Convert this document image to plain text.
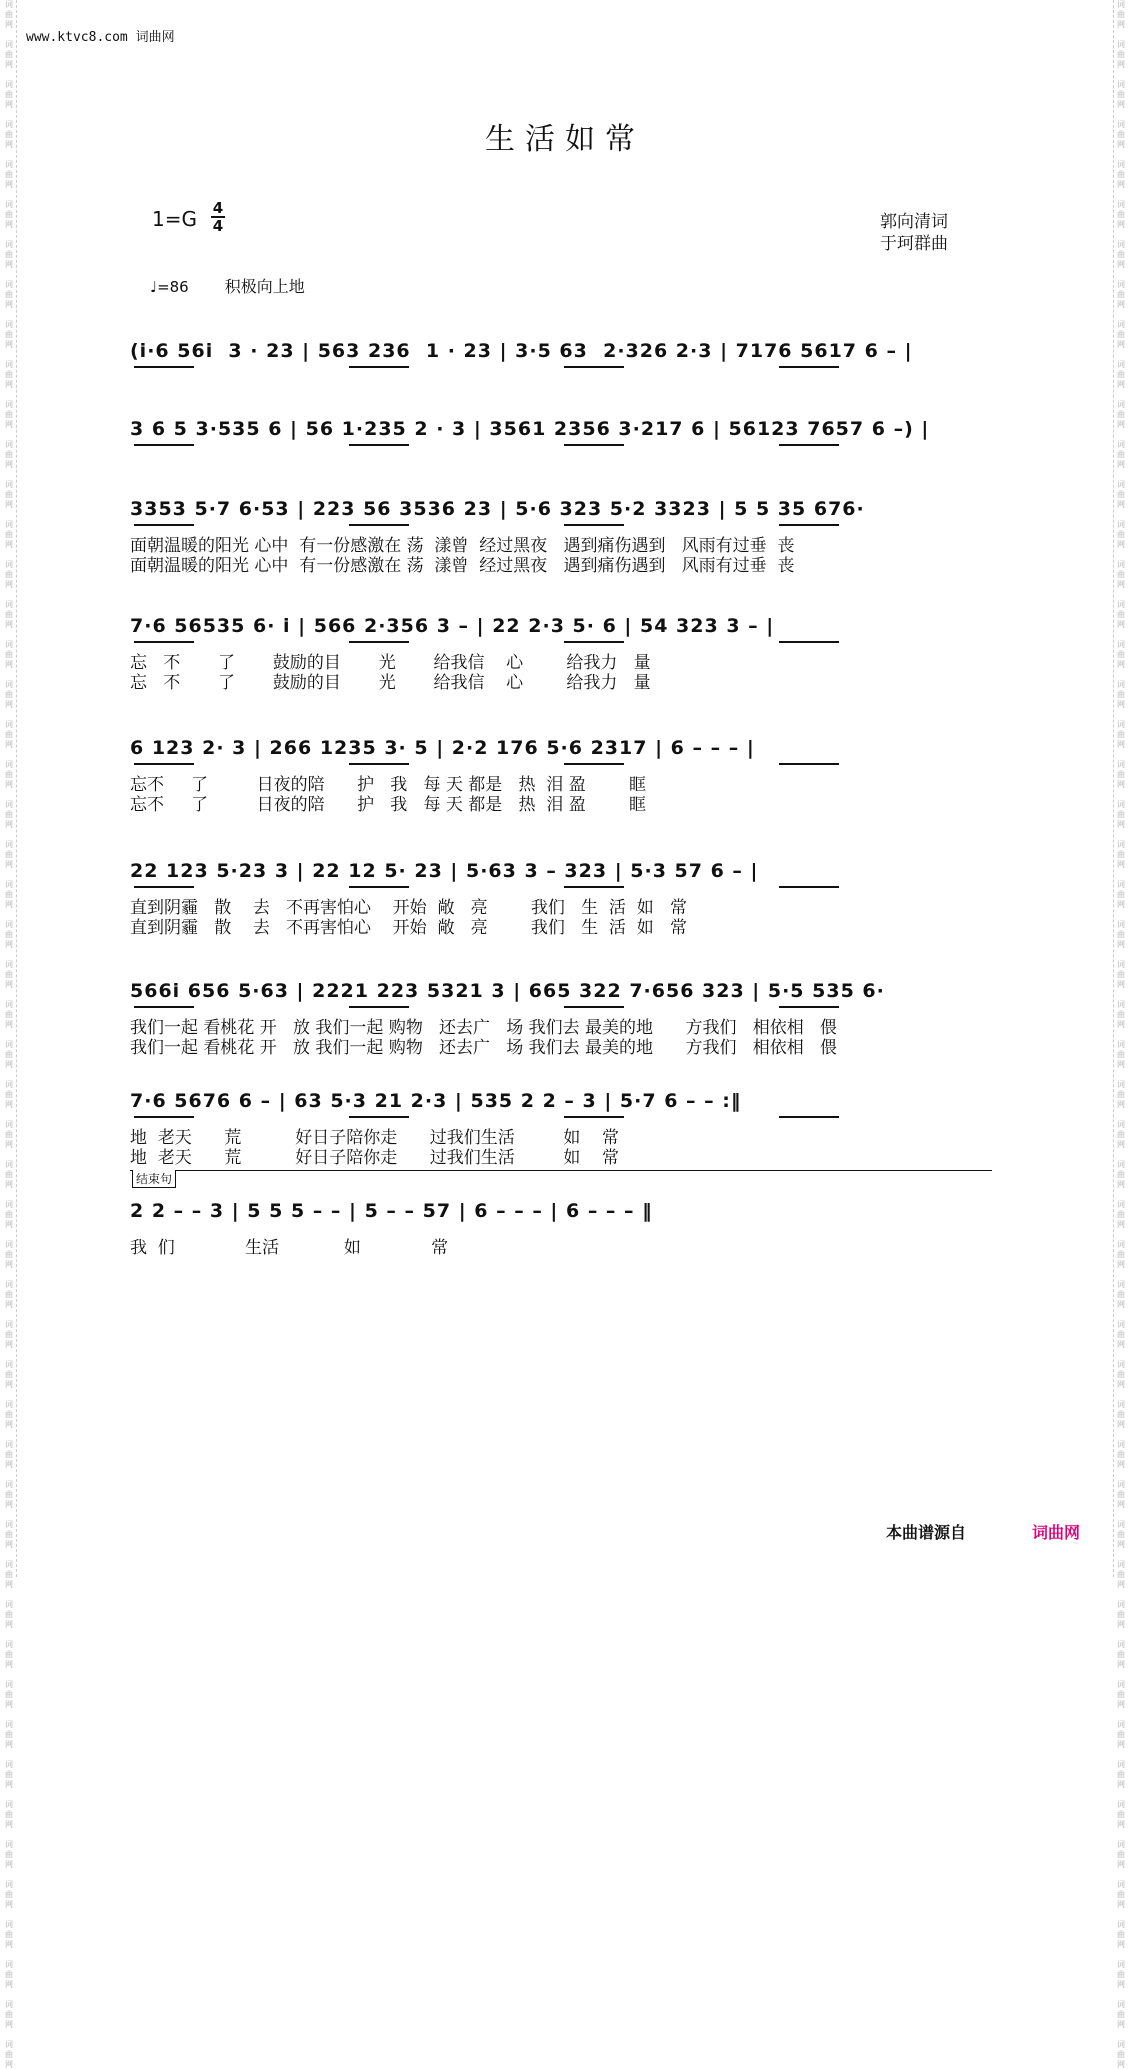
词
曲
网

词
曲
网

词
曲
网

词
曲
网

词
曲
网

词
曲
网

词
曲
网

词
曲
网

词
曲
网

词
曲
网

词
曲
网

词
曲
网

词
曲
网

词
曲
网

词
曲
网

词
曲
网

词
曲
网

词
曲
网

词
曲
网

词
曲
网

词
曲
网

词
曲
网

词
曲
网

词
曲
网

词
曲
网

词
曲
网

词
曲
网

词
曲
网

词
曲
网

词
曲
网

词
曲
网

词
曲
网

词
曲
网

词
曲
网

词
曲
网

词
曲
网

词
曲
网

词
曲
网

词
曲
网

词
曲
网

词
曲
网

词
曲
网

词
曲
网

词
曲
网

词
曲
网

词
曲
网

词
曲
网

词
曲
网

词
曲
网

词
曲
网

词
曲
网

词
曲
网

词
曲
网

词
曲
网

词
曲
网

词
曲
网

词
曲
网

词
曲
网

词
曲
网

词
曲
网

词
曲
网

词
曲
网

词
曲
网

词
曲
网

词
曲
网

词
曲
网

词
曲
网

词
曲
网

词
曲
网

词
曲
网

词
曲
网

词
曲
网

词
曲
网

词
曲
网

词
曲
网

词
曲
网

词
曲
网

词
曲
网

词
曲
网

词
曲
网

词
曲
网

词
曲
网

词
曲
网

词
曲
网

词
曲
网

词
曲
网

词
曲
网

词
曲
网

词
曲
网

词
曲
网

词
曲
网

词
曲
网

词
曲
网

词
曲
网

词
曲
网

词
曲
网

词
曲
网

词
曲
网

词
曲
网

词
曲
网

词
曲
网

词
曲
网

词
曲
网

词
曲
网

www.ktvc8.com 词曲网
生活如常
1=G 4
4	郭向清词
于珂群曲
♩=86 积极向上地
(i·6 56i  3 · 23 | 563 236  1 · 23 | 3·5 63  2·326 2·3 | 7176 5617 6 – |
3 6 5 3·535 6 | 56 1·235 2 · 3 | 3561 2356 3·217 6 | 56123 7657 6 –) |
3353 5·7 6·53 | 223 56 3536 23 | 5·6 323 5·2 3323 | 5 5 35 676·
面朝温暖的阳光 心中  有一份感激在 荡  漾曾  经过黑夜   遇到痛伤遇到   风雨有过垂  丧
面朝温暖的阳光 心中  有一份感激在 荡  漾曾  经过黑夜   遇到痛伤遇到   风雨有过垂  丧
7·6 56535 6· i | 566 2·356 3 – | 22 2·3 5· 6 | 54 323 3 – |
忘   不       了       鼓励的目       光       给我信    心        给我力   量
忘   不       了       鼓励的目       光       给我信    心        给我力   量
6 123 2· 3 | 266 1235 3· 5 | 2·2 176 5·6 2317 | 6 – – – |
忘不     了         日夜的陪      护   我   每 天 都是   热  泪 盈        眶
忘不     了         日夜的陪      护   我   每 天 都是   热  泪 盈        眶
22 123 5·23 3 | 22 12 5· 23 | 5·63 3 – 323 | 5·3 57 6 – |
直到阴霾   散    去   不再害怕心    开始  敞   亮        我们   生  活  如   常
直到阴霾   散    去   不再害怕心    开始  敞   亮        我们   生  活  如   常
566i 656 5·63 | 2221 223 5321 3 | 665 322 7·656 323 | 5·5 535 6·
我们一起 看桃花 开   放 我们一起 购物   还去广   场 我们去 最美的地      方我们   相依相   偎
我们一起 看桃花 开   放 我们一起 购物   还去广   场 我们去 最美的地      方我们   相依相   偎
7·6 5676 6 – | 63 5·3 21 2·3 | 535 2 2 – 3 | 5·7 6 – – :‖
地  老天      荒          好日子陪你走      过我们生活         如    常
地  老天      荒          好日子陪你走      过我们生活         如    常
结束句
2 2 – – 3 | 5 5 5 – – | 5 – – 57 | 6 – – – | 6 – – – ‖
我  们             生活            如             常
本曲谱源自	词曲网
